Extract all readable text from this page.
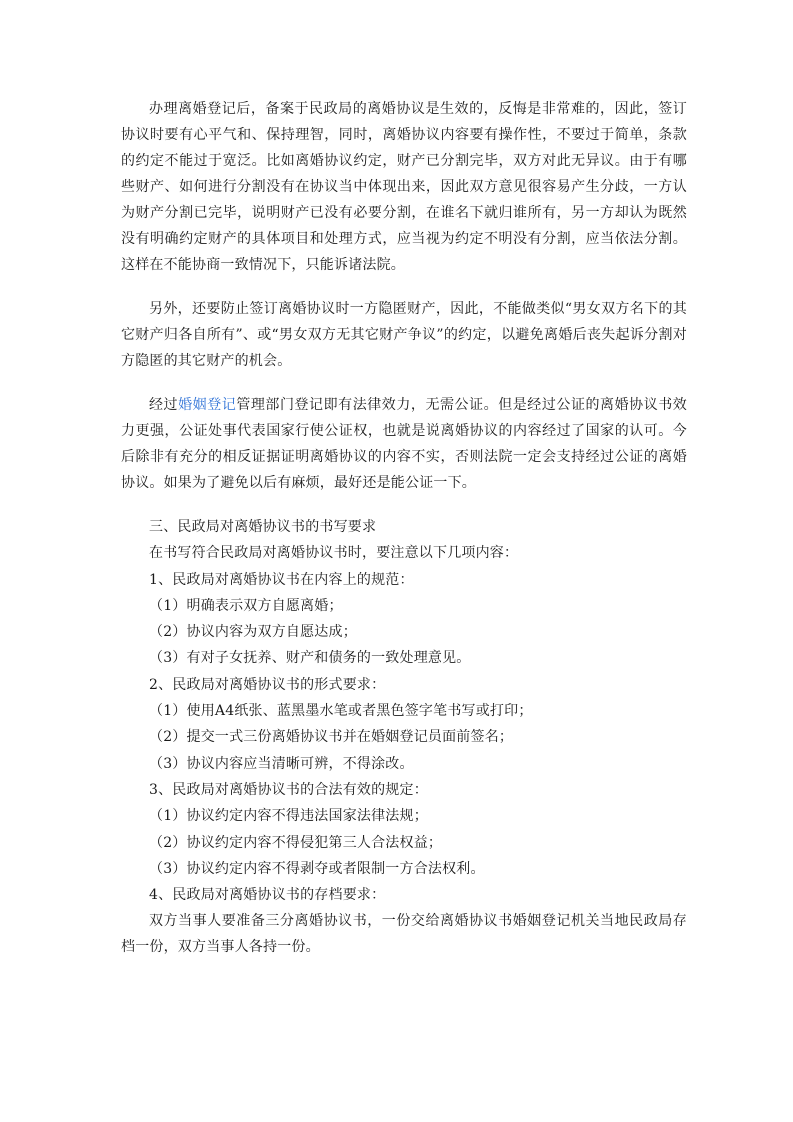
办理离婚登记后，备案于民政局的离婚协议是生效的，反悔是非常难的，因此，签订协议时要有心平气和、保持理智，同时，离婚协议内容要有操作性，不要过于简单，条款的约定不能过于宽泛。比如离婚协议约定，财产已分割完毕，双方对此无异议。由于有哪些财产、如何进行分割没有在协议当中体现出来，因此双方意见很容易产生分歧，一方认为财产分割已完毕，说明财产已没有必要分割，在谁名下就归谁所有，另一方却认为既然没有明确约定财产的具体项目和处理方式，应当视为约定不明没有分割，应当依法分割。这样在不能协商一致情况下，只能诉诸法院。

另外，还要防止签订离婚协议时一方隐匿财产，因此，不能做类似“男女双方名下的其它财产归各自所有”、或“男女双方无其它财产争议”的约定，以避免离婚后丧失起诉分割对方隐匿的其它财产的机会。

经过婚姻登记管理部门登记即有法律效力，无需公证。但是经过公证的离婚协议书效力更强，公证处事代表国家行使公证权，也就是说离婚协议的内容经过了国家的认可。今后除非有充分的相反证据证明离婚协议的内容不实，否则法院一定会支持经过公证的离婚协议。如果为了避免以后有麻烦，最好还是能公证一下。

三、民政局对离婚协议书的书写要求

在书写符合民政局对离婚协议书时，要注意以下几项内容：

1、民政局对离婚协议书在内容上的规范：

（1）明确表示双方自愿离婚；

（2）协议内容为双方自愿达成；

（3）有对子女抚养、财产和债务的一致处理意见。

2、民政局对离婚协议书的形式要求：

（1）使用A4纸张、蓝黑墨水笔或者黑色签字笔书写或打印；

（2）提交一式三份离婚协议书并在婚姻登记员面前签名；

（3）协议内容应当清晰可辨，不得涂改。

3、民政局对离婚协议书的合法有效的规定：

（1）协议约定内容不得违法国家法律法规；

（2）协议约定内容不得侵犯第三人合法权益；

（3）协议约定内容不得剥夺或者限制一方合法权利。

4、民政局对离婚协议书的存档要求：

双方当事人要准备三分离婚协议书，一份交给离婚协议书婚姻登记机关当地民政局存档一份，双方当事人各持一份。
